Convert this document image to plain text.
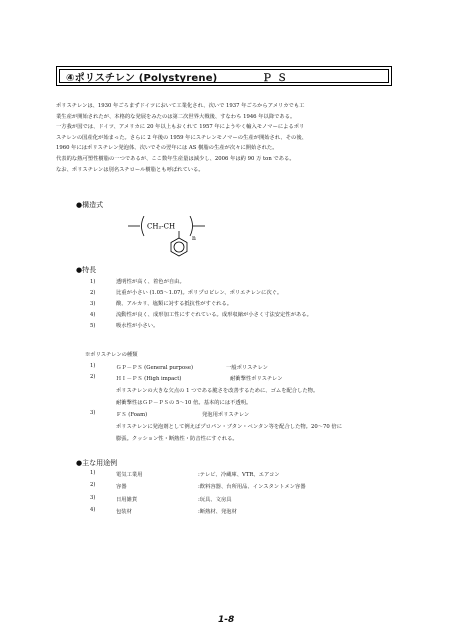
④ポリスチレン (Polystyrene)	ＰＳ

ポリスチレンは、1930 年ごろまずドイツにおいて工業化され、次いで 1937 年ごろからアメリカでも工

業生産が開始されたが、本格的な発展をみたのは第二次世界大戦後、すなわち 1946 年以降である。

一方我が国では、ドイツ、アメリカに 20 年以上もおくれて 1957 年にようやく輸入モノマーによるポリ

スチレンの国産化が始まった。さらに 2 年後の 1959 年にスチレンモノマーの生産が開始され、その後、

1960 年にはポリスチレン発泡体、次いでその翌年には AS 樹脂の生産が次々に開始された。

代表的な熱可塑性樹脂の一つであるが、ここ数年生産量は減少し、2006 年は約 90 万 ton である。

なお、ポリスチレンは別名スチロール樹脂とも呼ばれている。

●構造式
CH₂-CH
n
●特長
1)	透明性が高く、着色が自由。
2)	比重が小さい (1.05～1.07)。ポリプロピレン、ポリエチレンに次ぐ。
3)	酸、アルカリ、塩類に対する抵抗性がすぐれる。
4)	流動性が良く、成形加工性にすぐれている。成形収縮が小さく寸法安定性がある。
5)	吸水性が小さい。
※ポリスチレンの種類
1)	ＧＰ－ＰＳ (General purpose)	一般ポリスチレン
2)	ＨＩ－ＰＳ (High impact)	耐衝撃性ポリスチレン
ポリスチレンの大きな欠点の 1 つである脆さを改善するために、ゴムを配合した物。
耐衝撃性はＧＰ－ＰＳの 5～10 倍。基本的には不透明。
3)	ＦＳ (Foam)	発泡用ポリスチレン
ポリスチレンに発泡剤として例えばプロパン・ブタン・ペンタン等を配合した物。20～70 倍に
膨張。クッション性・断熱性・防音性にすぐれる。
●主な用途例
1)	電気工業用	:テレビ、冷蔵庫、VTR、エアコン
2)	容器	:飲料容器、台所用品、インスタントメン容器
3)	日用雑貨	:玩具、文房具
4)	包装材	:断熱材、発泡材
1-8
